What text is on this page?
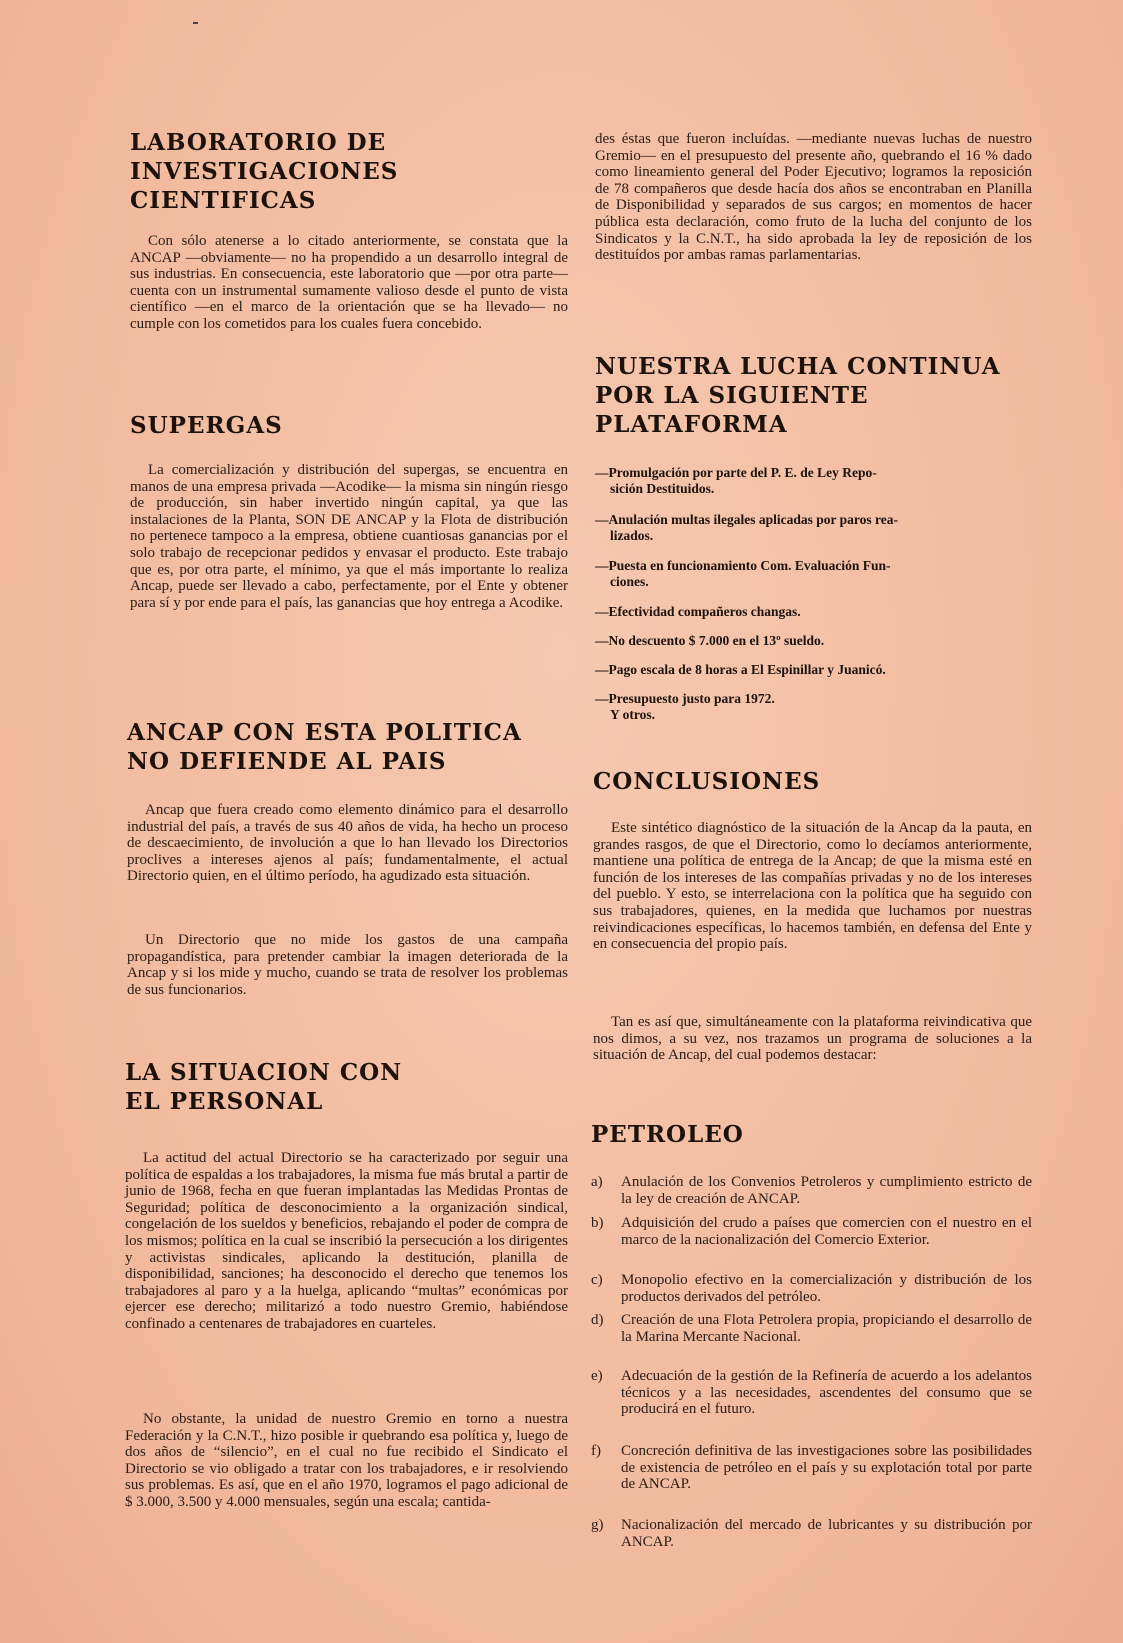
LABORATORIO DE
INVESTIGACIONES
CIENTIFICAS

Con sólo atenerse a lo citado anteriormente, se constata que la ANCAP —obviamente— no ha propendido a un desarrollo integral de sus industrias. En consecuencia, este laboratorio que —por otra parte— cuenta con un instrumental sumamente valioso desde el punto de vista científico —en el marco de la orientación que se ha llevado— no cumple con los cometidos para los cuales fuera concebido.

SUPERGAS

La comercialización y distribución del supergas, se encuentra en manos de una empresa privada —Acodike— la misma sin ningún riesgo de producción, sin haber invertido ningún capital, ya que las instalaciones de la Planta, SON DE ANCAP y la Flota de distribución no pertenece tampoco a la empresa, obtiene cuantiosas ganancias por el solo trabajo de recepcionar pedidos y envasar el producto. Este trabajo que es, por otra parte, el mínimo, ya que el más importante lo realiza Ancap, puede ser llevado a cabo, perfectamente, por el Ente y obtener para sí y por ende para el país, las ganancias que hoy entrega a Acodike.

ANCAP CON ESTA POLITICA
NO DEFIENDE AL PAIS

Ancap que fuera creado como elemento dinámico para el desarrollo industrial del país, a través de sus 40 años de vida, ha hecho un proceso de descaecimiento, de involución a que lo han llevado los Directorios proclives a intereses ajenos al país; fundamentalmente, el actual Directorio quien, en el último período, ha agudizado esta situación.

Un Directorio que no mide los gastos de una campaña propagandística, para pretender cambiar la imagen deteriorada de la Ancap y si los mide y mucho, cuando se trata de resolver los problemas de sus funcionarios.

LA SITUACION CON
EL PERSONAL

La actitud del actual Directorio se ha caracterizado por seguir una política de espaldas a los trabajadores, la misma fue más brutal a partir de junio de 1968, fecha en que fueran implantadas las Medidas Prontas de Seguridad; política de desconocimiento a la organización sindical, congelación de los sueldos y beneficios, rebajando el poder de compra de los mismos; política en la cual se inscribió la persecución a los dirigentes y activistas sindicales, aplicando la destitución, planilla de disponibilidad, sanciones; ha desconocido el derecho que tenemos los trabajadores al paro y a la huelga, aplicando “multas” económicas por ejercer ese derecho; militarizó a todo nuestro Gremio, habiéndose confinado a centenares de trabajadores en cuarteles.

No obstante, la unidad de nuestro Gremio en torno a nuestra Federación y la C.N.T., hizo posible ir quebrando esa política y, luego de dos años de “silencio”, en el cual no fue recibido el Sindicato el Directorio se vio obligado a tratar con los trabajadores, e ir resolviendo sus problemas. Es así, que en el año 1970, logramos el pago adicional de $ 3.000, 3.500 y 4.000 mensuales, según una escala; cantida-

des éstas que fueron incluídas. —mediante nuevas luchas de nuestro Gremio— en el presupuesto del presente año, quebrando el 16 % dado como lineamiento general del Poder Ejecutivo; logramos la reposición de 78 compañeros que desde hacía dos años se encontraban en Planilla de Disponibilidad y separados de sus cargos; en momentos de hacer pública esta declaración, como fruto de la lucha del conjunto de los Sindicatos y la C.N.T., ha sido aprobada la ley de reposición de los destituídos por ambas ramas parlamentarias.

NUESTRA LUCHA CONTINUA
POR LA SIGUIENTE
PLATAFORMA
—Promulgación por parte del P. E. de Ley Repo-
sición Destituidos.
—Anulación multas ilegales aplicadas por paros rea-
lizados.
—Puesta en funcionamiento Com. Evaluación Fun-
ciones.
—Efectividad compañeros changas.
—No descuento $ 7.000 en el 13º sueldo.
—Pago escala de 8 horas a El Espinillar y Juanicó.
—Presupuesto justo para 1972.
Y otros.
CONCLUSIONES

Este sintético diagnóstico de la situación de la Ancap da la pauta, en grandes rasgos, de que el Directorio, como lo decíamos anteriormente, mantiene una política de entrega de la Ancap; de que la misma esté en función de los intereses de las compañías privadas y no de los intereses del pueblo. Y esto, se interrelaciona con la política que ha seguido con sus trabajadores, quienes, en la medida que luchamos por nuestras reivindicaciones específicas, lo hacemos también, en defensa del Ente y en consecuencia del propio país.

Tan es así que, simultáneamente con la plataforma reivindicativa que nos dimos, a su vez, nos trazamos un programa de soluciones a la situación de Ancap, del cual podemos destacar:

PETROLEO
a)	Anulación de los Convenios Petroleros y cumplimiento estricto de la ley de creación de ANCAP.
b)	Adquisición del crudo a países que comercien con el nuestro en el marco de la nacionalización del Comercio Exterior.
c)	Monopolio efectivo en la comercialización y distribución de los productos derivados del petróleo.
d)	Creación de una Flota Petrolera propia, propiciando el desarrollo de la Marina Mercante Nacional.
e)	Adecuación de la gestión de la Refinería de acuerdo a los adelantos técnicos y a las necesidades, ascendentes del consumo que se producirá en el futuro.
f)	Concreción definitiva de las investigaciones sobre las posibilidades de existencia de petróleo en el país y su explotación total por parte de ANCAP.
g)	Nacionalización del mercado de lubricantes y su distribución por ANCAP.
